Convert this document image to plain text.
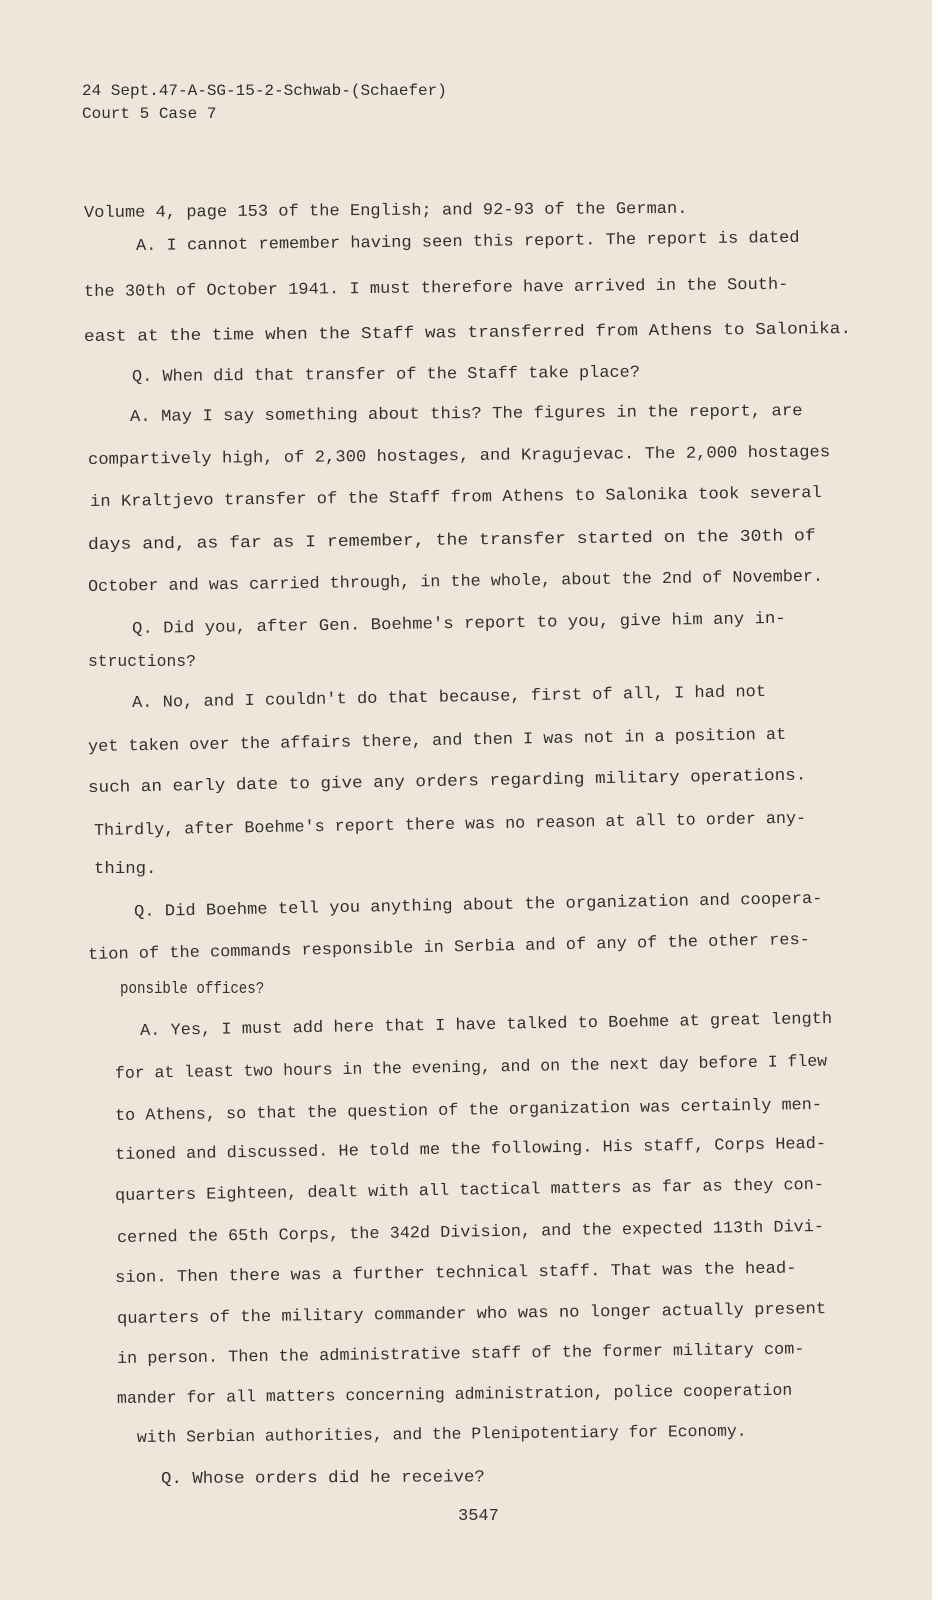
24 Sept.47-A-SG-15-2-Schwab-(Schaefer)
Court 5 Case 7
Volume 4, page 153 of the English; and 92-93 of the German.
A. I cannot remember having seen this report. The report is dated
the 30th of October 1941. I must therefore have arrived in the South-
east at the time when the Staff was transferred from Athens to Salonika.
Q. When did that transfer of the Staff take place?
A. May I say something about this? The figures in the report, are
compartively high, of 2,300 hostages, and Kragujevac. The 2,000 hostages
in Kraltjevo transfer of the Staff from Athens to Salonika took several
days and, as far as I remember, the transfer started on the 30th of
October and was carried through, in the whole, about the 2nd of November.
Q. Did you, after Gen. Boehme's report to you, give him any in-
structions?
A. No, and I couldn't do that because, first of all, I had not
yet taken over the affairs there, and then I was not in a position at
such an early date to give any orders regarding military operations.
Thirdly, after Boehme's report there was no reason at all to order any-
thing.
Q. Did Boehme tell you anything about the organization and coopera-
tion of the commands responsible in Serbia and of any of the other res-
ponsible offices?
A. Yes, I must add here that I have talked to Boehme at great length
for at least two hours in the evening, and on the next day before I flew
to Athens, so that the question of the organization was certainly men-
tioned and discussed. He told me the following. His staff, Corps Head-
quarters Eighteen, dealt with all tactical matters as far as they con-
cerned the 65th Corps, the 342d Division, and the expected 113th Divi-
sion. Then there was a further technical staff. That was the head-
quarters of the military commander who was no longer actually present
in person. Then the administrative staff of the former military com-
mander for all matters concerning administration, police cooperation
with Serbian authorities, and the Plenipotentiary for Economy.
Q. Whose orders did he receive?
3547
